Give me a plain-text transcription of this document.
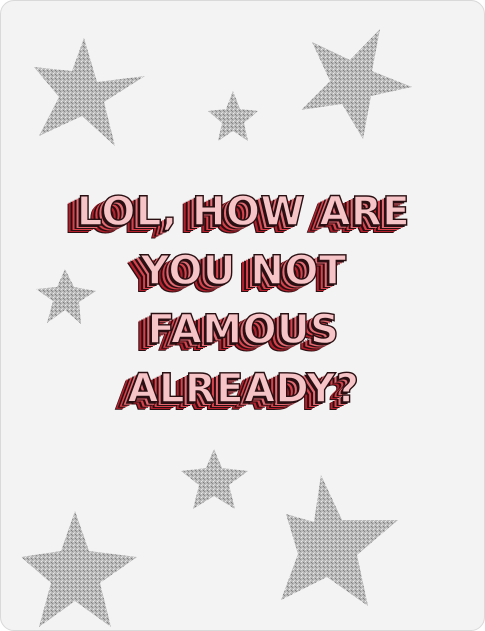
LOL, HOW ARE
YOU NOT
FAMOUS
ALREADY?
